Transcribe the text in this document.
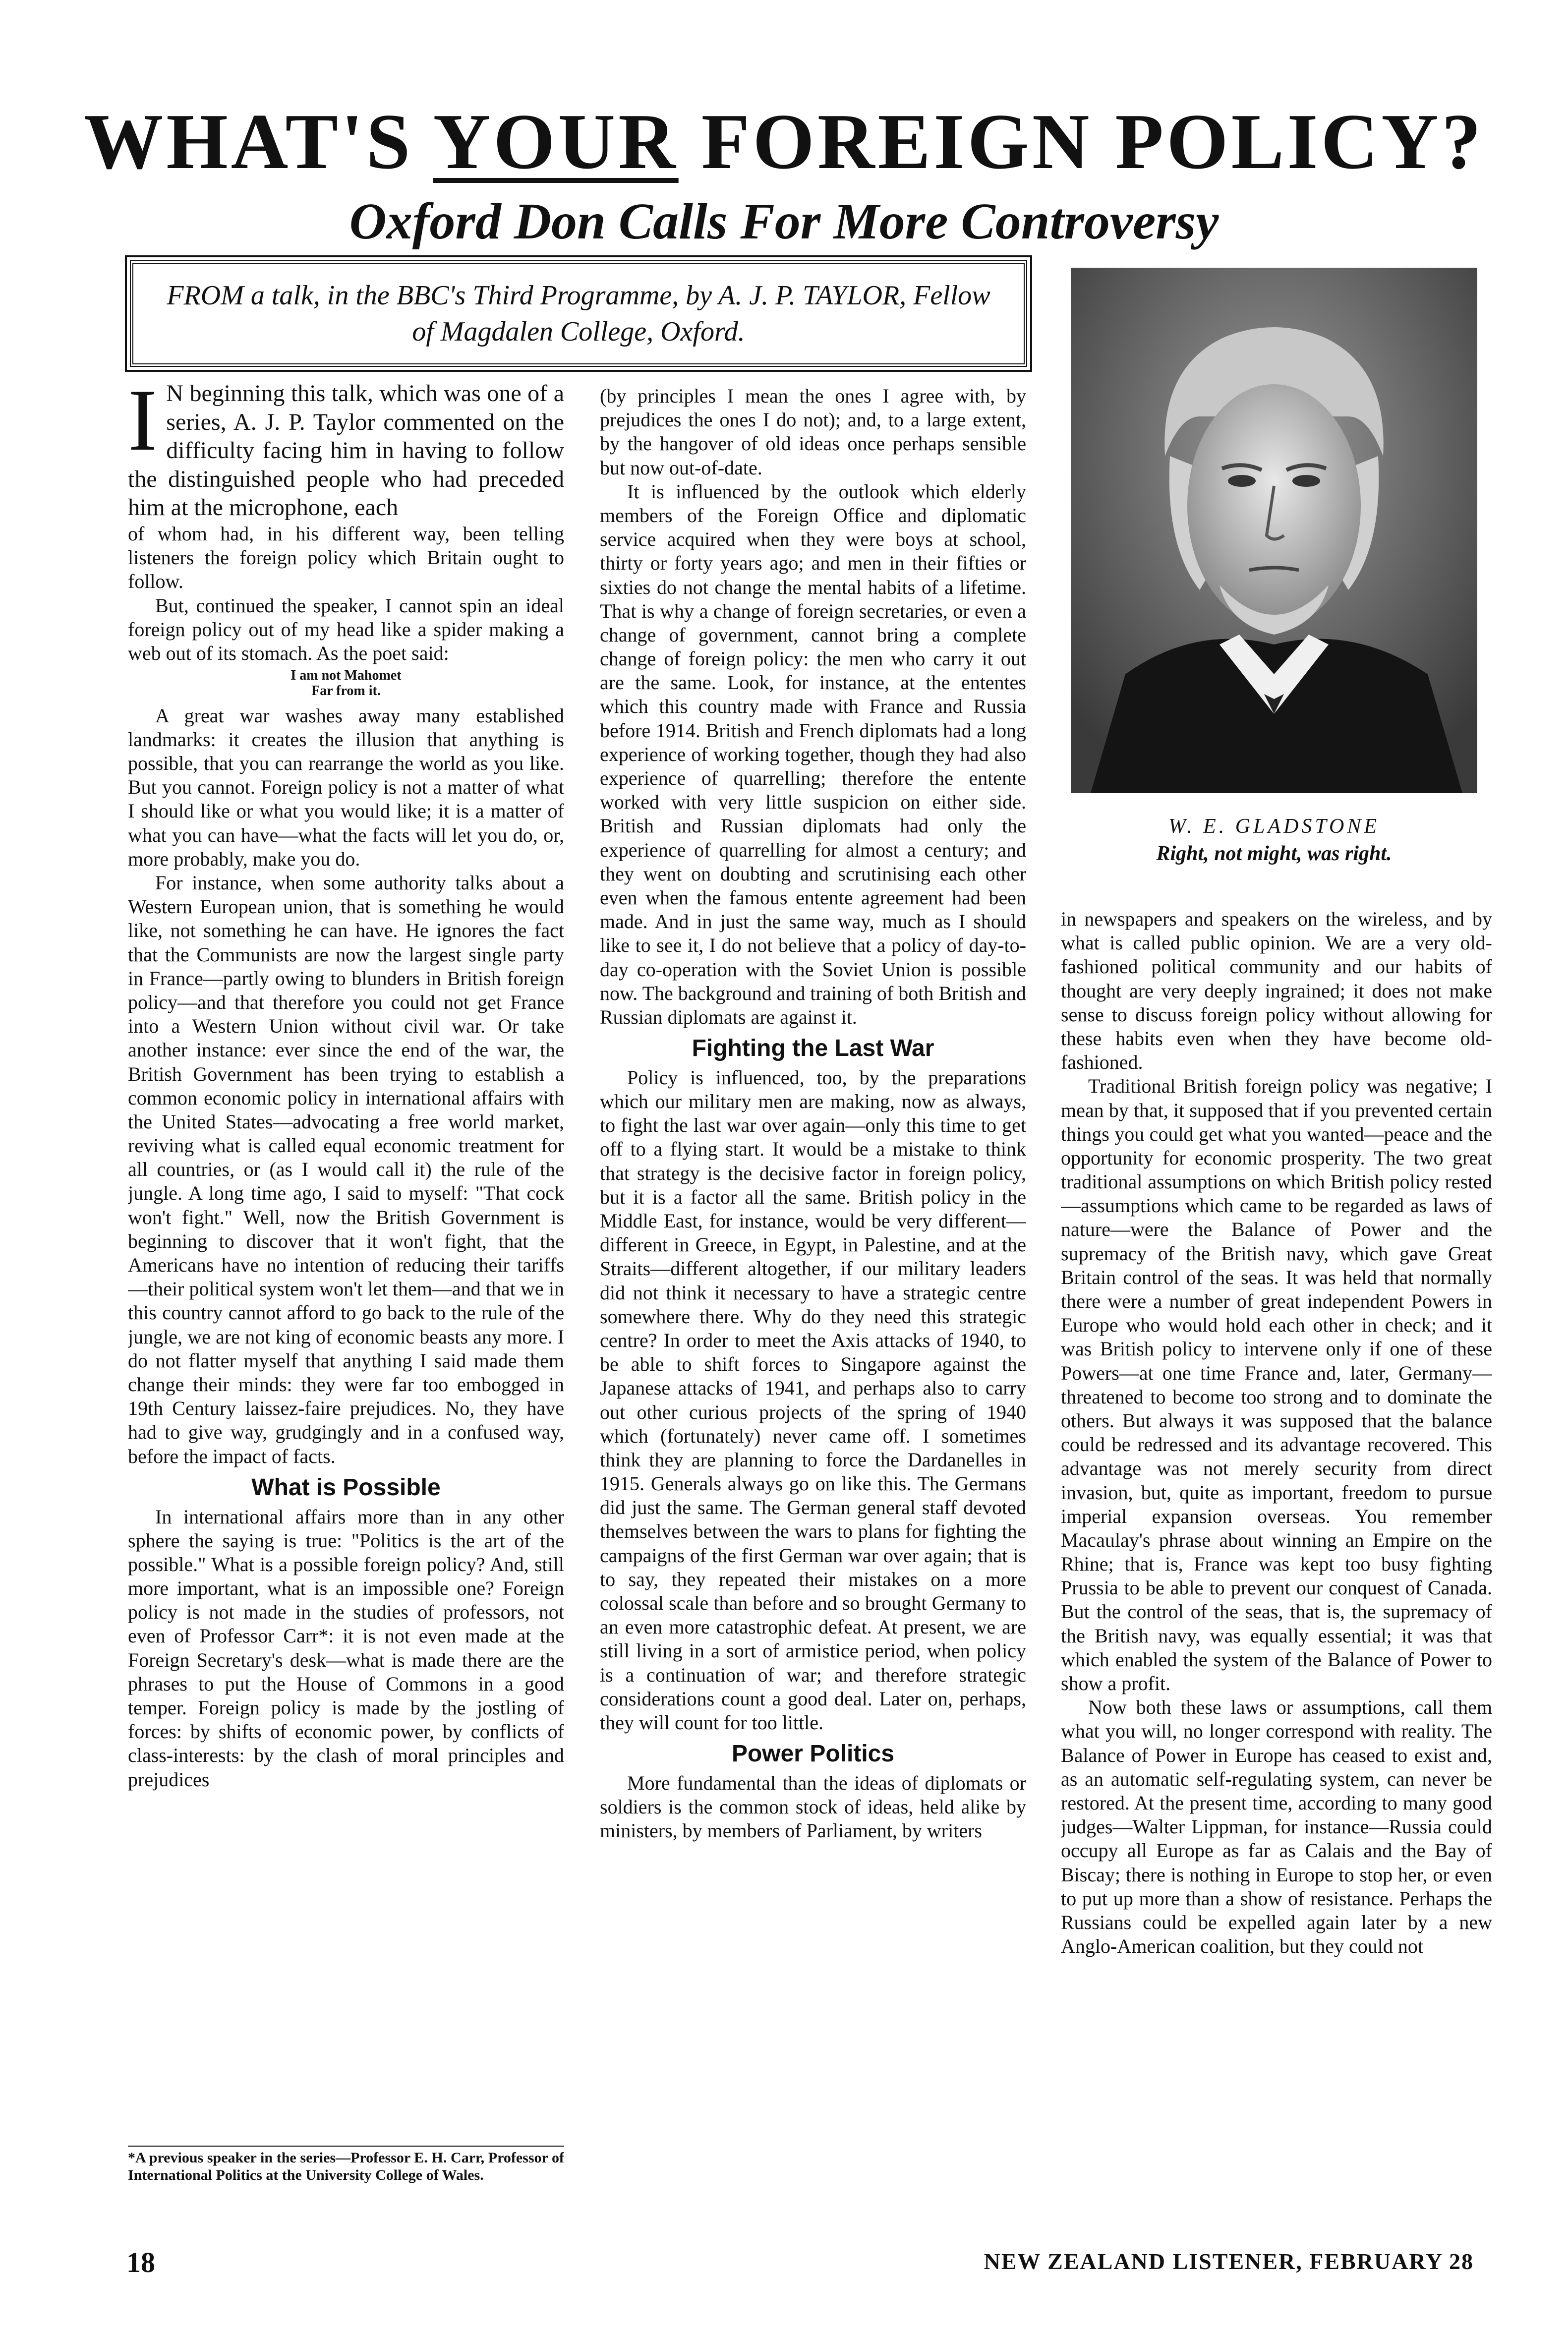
WHAT'S YOUR FOREIGN POLICY?
Oxford Don Calls For More Controversy

FROM a talk, in the BBC's Third Programme, by A. J. P. TAYLOR, Fellow of Magdalen College, Oxford.

I N beginning this talk, which was one of a series, A. J. P. Taylor commented on the difficulty facing him in having to follow the distinguished people who had preceded him at the microphone, each

of whom had, in his different way, been telling listeners the foreign policy which Britain ought to follow.

But, continued the speaker, I cannot spin an ideal foreign policy out of my head like a spider making a web out of its stomach. As the poet said:

I am not Mahomet
Far from it.

A great war washes away many established landmarks: it creates the illusion that anything is possible, that you can rearrange the world as you like. But you cannot. Foreign policy is not a matter of what I should like or what you would like; it is a matter of what you can have—what the facts will let you do, or, more probably, make you do.

For instance, when some authority talks about a Western European union, that is something he would like, not something he can have. He ignores the fact that the Communists are now the largest single party in France—partly owing to blunders in British foreign policy—and that therefore you could not get France into a Western Union without civil war. Or take another instance: ever since the end of the war, the British Government has been trying to establish a common economic policy in international affairs with the United States—advocating a free world market, reviving what is called equal economic treatment for all countries, or (as I would call it) the rule of the jungle. A long time ago, I said to myself: "That cock won't fight." Well, now the British Government is beginning to discover that it won't fight, that the Americans have no intention of reducing their tariffs—their political system won't let them—and that we in this country cannot afford to go back to the rule of the jungle, we are not king of economic beasts any more. I do not flatter myself that anything I said made them change their minds: they were far too embogged in 19th Century laissez-faire prejudices. No, they have had to give way, grudgingly and in a confused way, before the impact of facts.

What is Possible

In international affairs more than in any other sphere the saying is true: "Politics is the art of the possible." What is a possible foreign policy? And, still more important, what is an impossible one? Foreign policy is not made in the studies of professors, not even of Professor Carr*: it is not even made at the Foreign Secretary's desk—what is made there are the phrases to put the House of Commons in a good temper. Foreign policy is made by the jostling of forces: by shifts of economic power, by conflicts of class-interests: by the clash of moral principles and prejudices

*A previous speaker in the series—Professor E. H. Carr, Professor of International Politics at the University College of Wales.

(by principles I mean the ones I agree with, by prejudices the ones I do not); and, to a large extent, by the hangover of old ideas once perhaps sensible but now out-of-date.

It is influenced by the outlook which elderly members of the Foreign Office and diplomatic service acquired when they were boys at school, thirty or forty years ago; and men in their fifties or sixties do not change the mental habits of a lifetime. That is why a change of foreign secretaries, or even a change of government, cannot bring a complete change of foreign policy: the men who carry it out are the same. Look, for instance, at the ententes which this country made with France and Russia before 1914. British and French diplomats had a long experience of working together, though they had also experience of quarrelling; therefore the entente worked with very little suspicion on either side. British and Russian diplomats had only the experience of quarrelling for almost a century; and they went on doubting and scrutinising each other even when the famous entente agreement had been made. And in just the same way, much as I should like to see it, I do not believe that a policy of day-to-day co-operation with the Soviet Union is possible now. The background and training of both British and Russian diplomats are against it.

Fighting the Last War

Policy is influenced, too, by the preparations which our military men are making, now as always, to fight the last war over again—only this time to get off to a flying start. It would be a mistake to think that strategy is the decisive factor in foreign policy, but it is a factor all the same. British policy in the Middle East, for instance, would be very different—different in Greece, in Egypt, in Palestine, and at the Straits—different altogether, if our military leaders did not think it necessary to have a strategic centre somewhere there. Why do they need this strategic centre? In order to meet the Axis attacks of 1940, to be able to shift forces to Singapore against the Japanese attacks of 1941, and perhaps also to carry out other curious projects of the spring of 1940 which (fortunately) never came off. I sometimes think they are planning to force the Dardanelles in 1915. Generals always go on like this. The Germans did just the same. The German general staff devoted themselves between the wars to plans for fighting the campaigns of the first German war over again; that is to say, they repeated their mistakes on a more colossal scale than before and so brought Germany to an even more catastrophic defeat. At present, we are still living in a sort of armistice period, when policy is a continuation of war; and therefore strategic considerations count a good deal. Later on, perhaps, they will count for too little.

Power Politics

More fundamental than the ideas of diplomats or soldiers is the common stock of ideas, held alike by ministers, by members of Parliament, by writers

W. E. GLADSTONE
Right, not might, was right.

in newspapers and speakers on the wireless, and by what is called public opinion. We are a very old-fashioned political community and our habits of thought are very deeply ingrained; it does not make sense to discuss foreign policy without allowing for these habits even when they have become old-fashioned.

Traditional British foreign policy was negative; I mean by that, it supposed that if you prevented certain things you could get what you wanted—peace and the opportunity for economic prosperity. The two great traditional assumptions on which British policy rested—assumptions which came to be regarded as laws of nature—were the Balance of Power and the supremacy of the British navy, which gave Great Britain control of the seas. It was held that normally there were a number of great independent Powers in Europe who would hold each other in check; and it was British policy to intervene only if one of these Powers—at one time France and, later, Germany—threatened to become too strong and to dominate the others. But always it was supposed that the balance could be redressed and its advantage recovered. This advantage was not merely security from direct invasion, but, quite as important, freedom to pursue imperial expansion overseas. You remember Macaulay's phrase about winning an Empire on the Rhine; that is, France was kept too busy fighting Prussia to be able to prevent our conquest of Canada. But the control of the seas, that is, the supremacy of the British navy, was equally essential; it was that which enabled the system of the Balance of Power to show a profit.

Now both these laws or assumptions, call them what you will, no longer correspond with reality. The Balance of Power in Europe has ceased to exist and, as an automatic self-regulating system, can never be restored. At the present time, according to many good judges—Walter Lippman, for instance—Russia could occupy all Europe as far as Calais and the Bay of Biscay; there is nothing in Europe to stop her, or even to put up more than a show of resistance. Perhaps the Russians could be expelled again later by a new Anglo-American coalition, but they could not

18	NEW ZEALAND LISTENER, FEBRUARY 28
